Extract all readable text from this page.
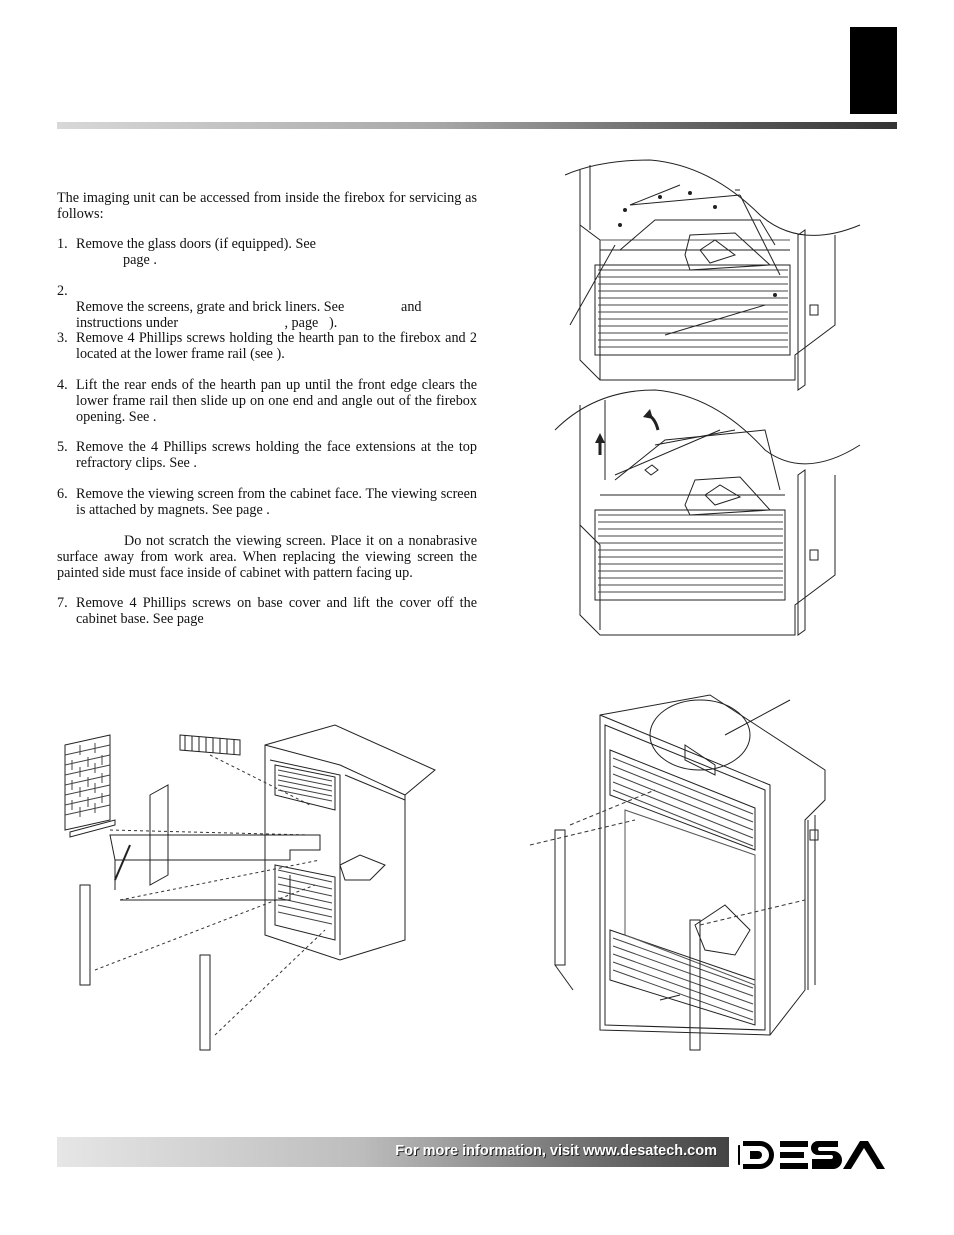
The imaging unit can be accessed from inside the firebox for servicing as follows:
1. Remove the glass doors (if equipped). See
page .
2.

Remove the screens, grate and brick liners. See                and
instructions under                              , page   ).
3. Remove 4 Phillips screws holding the hearth pan to the firebox and 2 located at the lower frame rail (see ).
4. Lift the rear ends of the hearth pan up until the front edge clears the lower frame rail then slide up on one end and angle out of the firebox opening. See .
5. Remove the 4 Phillips screws holding the face extensions at the top refractory clips. See .
6. Remove the viewing screen from the cabinet face. The viewing screen is attached by magnets. See page .
Do not scratch the viewing screen. Place it on a nonabrasive surface away from work area. When replacing the viewing screen the painted side must face inside of cabinet with pattern facing up.
7. Remove 4 Phillips screws on base cover and lift the cover off the cabinet base. See page
For more information, visit www.desatech.com
